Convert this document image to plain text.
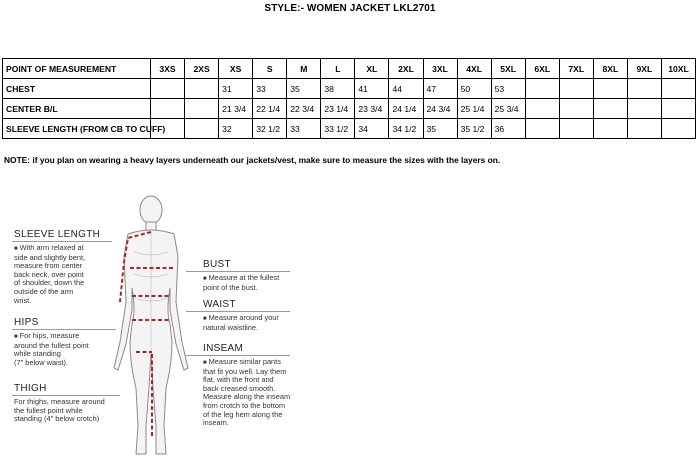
STYLE:- WOMEN JACKET LKL2701
POINT OF MEASUREMENT	3XS	2XS	XS	S	M	L	XL	2XL	3XL	4XL	5XL	6XL	7XL	8XL	9XL	10XL
CHEST			31	33	35	38	41	44	47	50	53					
CENTER B/L			21 3/4	22 1/4	22 3/4	23 1/4	23 3/4	24 1/4	24 3/4	25 1/4	25 3/4					
SLEEVE LENGTH (FROM CB TO CUFF)			32	32 1/2	33	33 1/2	34	34 1/2	35	35 1/2	36					
NOTE: if you plan on wearing a heavy layers underneath our jackets/vest, make sure to measure the sizes with the layers on.
SLEEVE LENGTH
■ With arm relaxed at
side and slightly bent,
measure from center
back neck, over point
of shoulder, down the
outside of the arm
wrist.
HIPS
■ For hips, measure
around the fullest point
while standing
(7" below waist).
THIGH
For thighs, measure around
the fullest point while
standing (4" below crotch)
BUST
■ Measure at the fullest
point of the bust.
WAIST
■ Measure around your
natural waistline.
INSEAM
■ Measure similar pants
that fit you well. Lay them
flat, with the front and
back creased smooth.
Measure along the inseam
from crotch to the bottom
of the leg hem along the
inseam.
